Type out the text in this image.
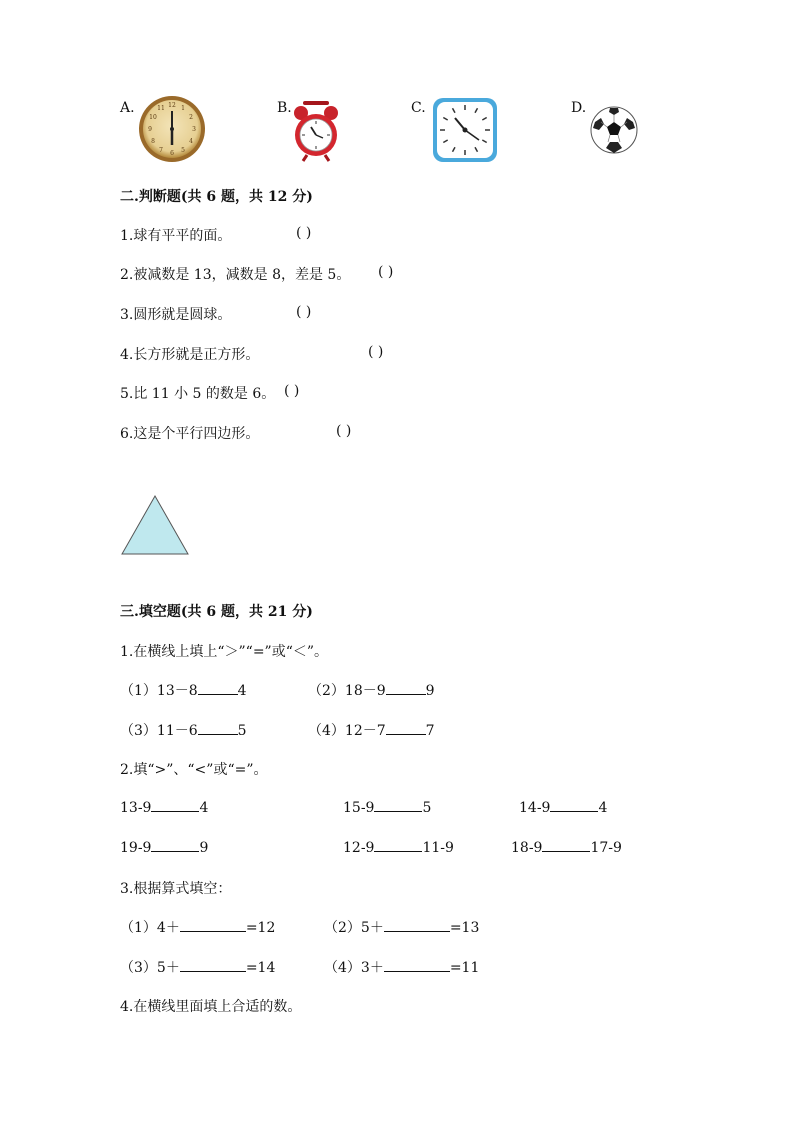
A.	12
3
6
9
1
2
4
5
7
8
10
11	B.	C.	D.
二.判断题(共 6 题，共 12 分)
1.球有平平的面。	( )
2.被减数是 13，减数是 8，差是 5。 ( )
3.圆形就是圆球。	( )
4.长方形就是正方形。	( )
5.比 11 小 5 的数是 6。 ( )
6.这是个平行四边形。	( )
三.填空题(共 6 题，共 21 分)
1.在横线上填上“＞”“=”或“＜”。
（1）13－8	4	（2）18－9	9
（3）11－6	5	（4）12－7	7
2.填“>”、“<”或“=”。
13-9	4	15-9	5	14-9	4
19-9	9	12-9	11-9	18-9	17-9
3.根据算式填空：
（1）4＋	=12	（2）5＋	=13
（3）5＋	=14	（4）3＋	=11
4.在横线里面填上合适的数。
